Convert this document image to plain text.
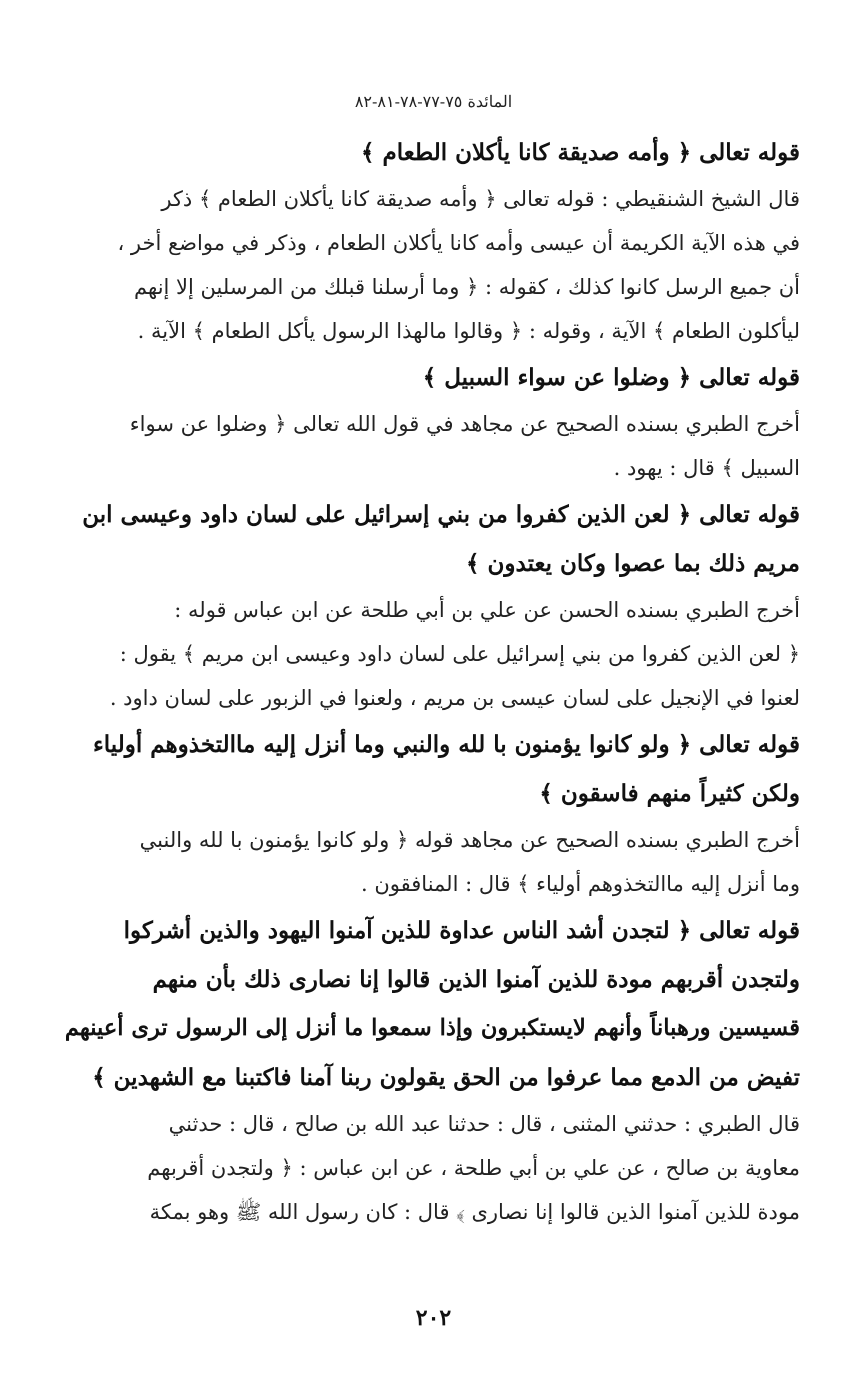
المائدة ٧٥-٧٧-٧٨-٨١-٨٢
قوله تعالى ﴿ وأمه صديقة كانا يأكلان الطعام ﴾
قال الشيخ الشنقيطي : قوله تعالى ﴿ وأمه صديقة كانا يأكلان الطعام ﴾ ذكر
في هذه الآية الكريمة أن عيسى وأمه كانا يأكلان الطعام ، وذكر في مواضع أخر ،
أن جميع الرسل كانوا كذلك ، كقوله : ﴿ وما أرسلنا قبلك من المرسلين إلا إنهم
ليأكلون الطعام ﴾ الآية ، وقوله : ﴿ وقالوا مالهذا الرسول يأكل الطعام ﴾ الآية .
قوله تعالى ﴿ وضلوا عن سواء السبيل ﴾
أخرج الطبري بسنده الصحيح عن مجاهد في قول الله تعالى ﴿ وضلوا عن سواء
السبيل ﴾ قال : يهود .
قوله تعالى ﴿ لعن الذين كفروا من بني إسرائيل على لسان داود وعيسى ابن
مريم ذلك بما عصوا وكان يعتدون ﴾
أخرج الطبري بسنده الحسن عن علي بن أبي طلحة عن ابن عباس قوله :
﴿ لعن الذين كفروا من بني إسرائيل على لسان داود وعيسى ابن مريم ﴾ يقول :
لعنوا في الإنجيل على لسان عيسى بن مريم ، ولعنوا في الزبور على لسان داود .
قوله تعالى ﴿ ولو كانوا يؤمنون با لله والنبي وما أنزل إليه ماالتخذوهم أولياء
ولكن كثيراً منهم فاسقون ﴾
أخرج الطبري بسنده الصحيح عن مجاهد قوله ﴿ ولو كانوا يؤمنون با لله والنبي
وما أنزل إليه ماالتخذوهم أولياء ﴾ قال : المنافقون .
قوله تعالى ﴿ لتجدن أشد الناس عداوة للذين آمنوا اليهود والذين أشركوا
ولتجدن أقربهم مودة للذين آمنوا الذين قالوا إنا نصارى ذلك بأن منهم
قسيسين ورهباناً وأنهم لايستكبرون وإذا سمعوا ما أنزل إلى الرسول ترى أعينهم
تفيض من الدمع مما عرفوا من الحق يقولون ربنا آمنا فاكتبنا مع الشهدين ﴾
قال الطبري : حدثني المثنى ، قال : حدثنا عبد الله بن صالح ، قال : حدثني
معاوية بن صالح ، عن علي بن أبي طلحة ، عن ابن عباس : ﴿ ولتجدن أقربهم
مودة للذين آمنوا الذين قالوا إنا نصارى ﴾ قال : كان رسول الله ﷺ وهو بمكة
٢٠٢
